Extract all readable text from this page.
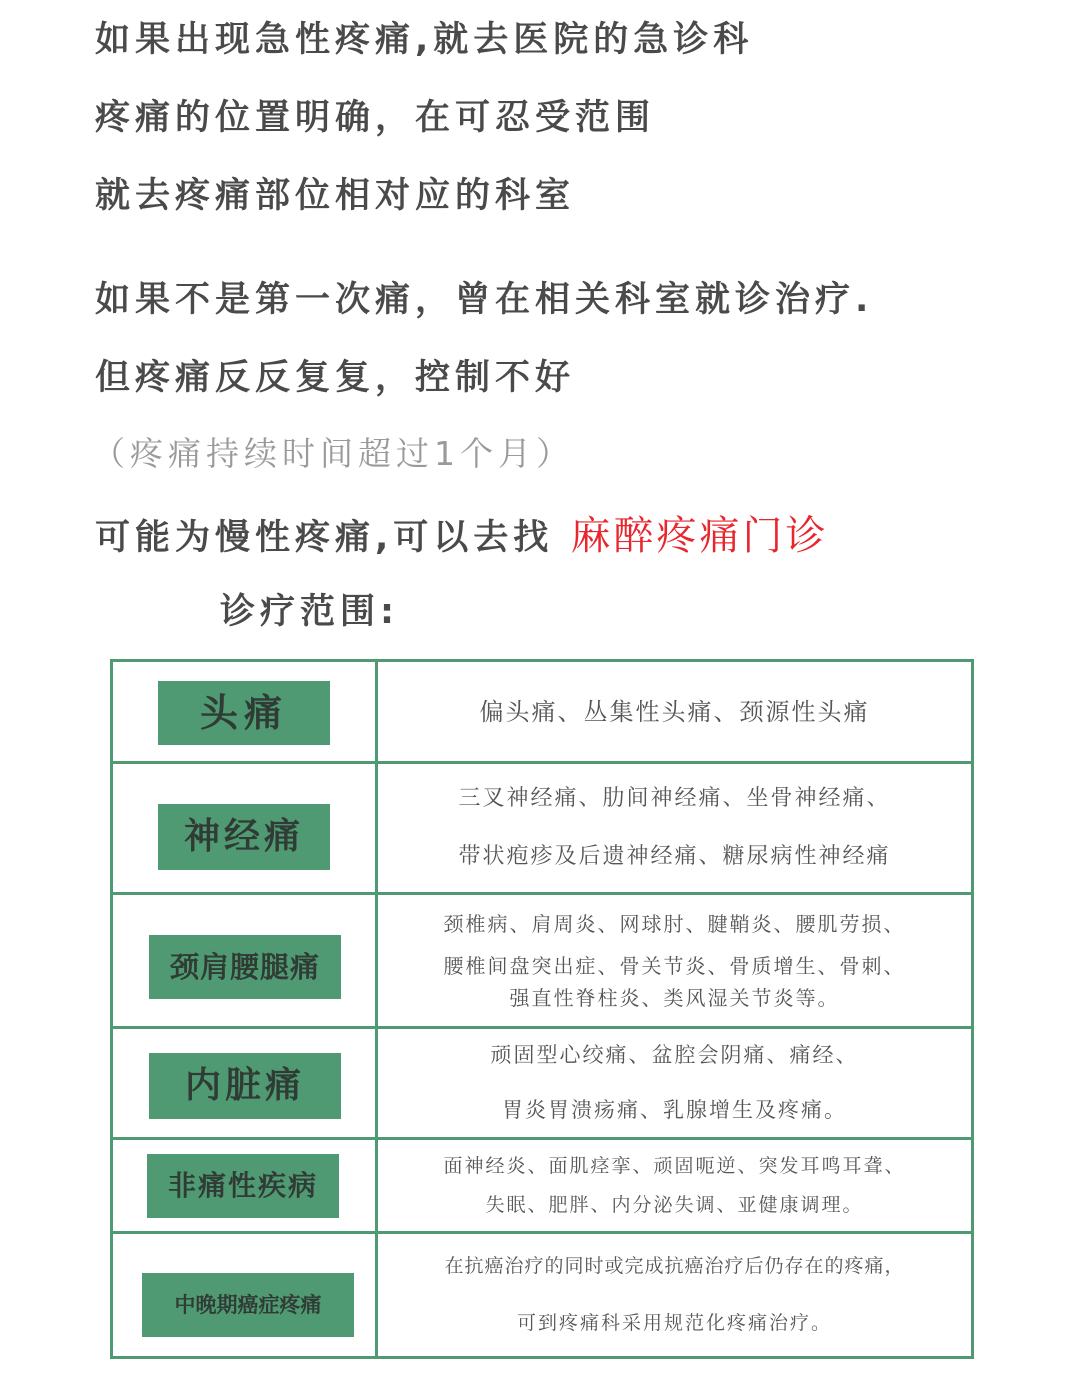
如果出现急性疼痛,就去医院的急诊科
疼痛的位置明确，在可忍受范围
就去疼痛部位相对应的科室
如果不是第一次痛，曾在相关科室就诊治疗.
但疼痛反反复复，控制不好
（疼痛持续时间超过1个月）
可能为慢性疼痛,可以去找 麻醉疼痛门诊
诊疗范围:
头痛	偏头痛、丛集性头痛、颈源性头痛

神经痛	三叉神经痛、肋间神经痛、坐骨神经痛、
带状疱疹及后遗神经痛、糖尿病性神经痛

颈肩腰腿痛	颈椎病、肩周炎、网球肘、腱鞘炎、腰肌劳损、
腰椎间盘突出症、骨关节炎、骨质增生、骨刺、
强直性脊柱炎、类风湿关节炎等。

内脏痛	顽固型心绞痛、盆腔会阴痛、痛经、
胃炎胃溃疡痛、乳腺增生及疼痛。

非痛性疾病	面神经炎、面肌痉挛、顽固呃逆、突发耳鸣耳聋、
失眠、肥胖、内分泌失调、亚健康调理。

中晚期癌症疼痛	在抗癌治疗的同时或完成抗癌治疗后仍存在的疼痛，
可到疼痛科采用规范化疼痛治疗。
